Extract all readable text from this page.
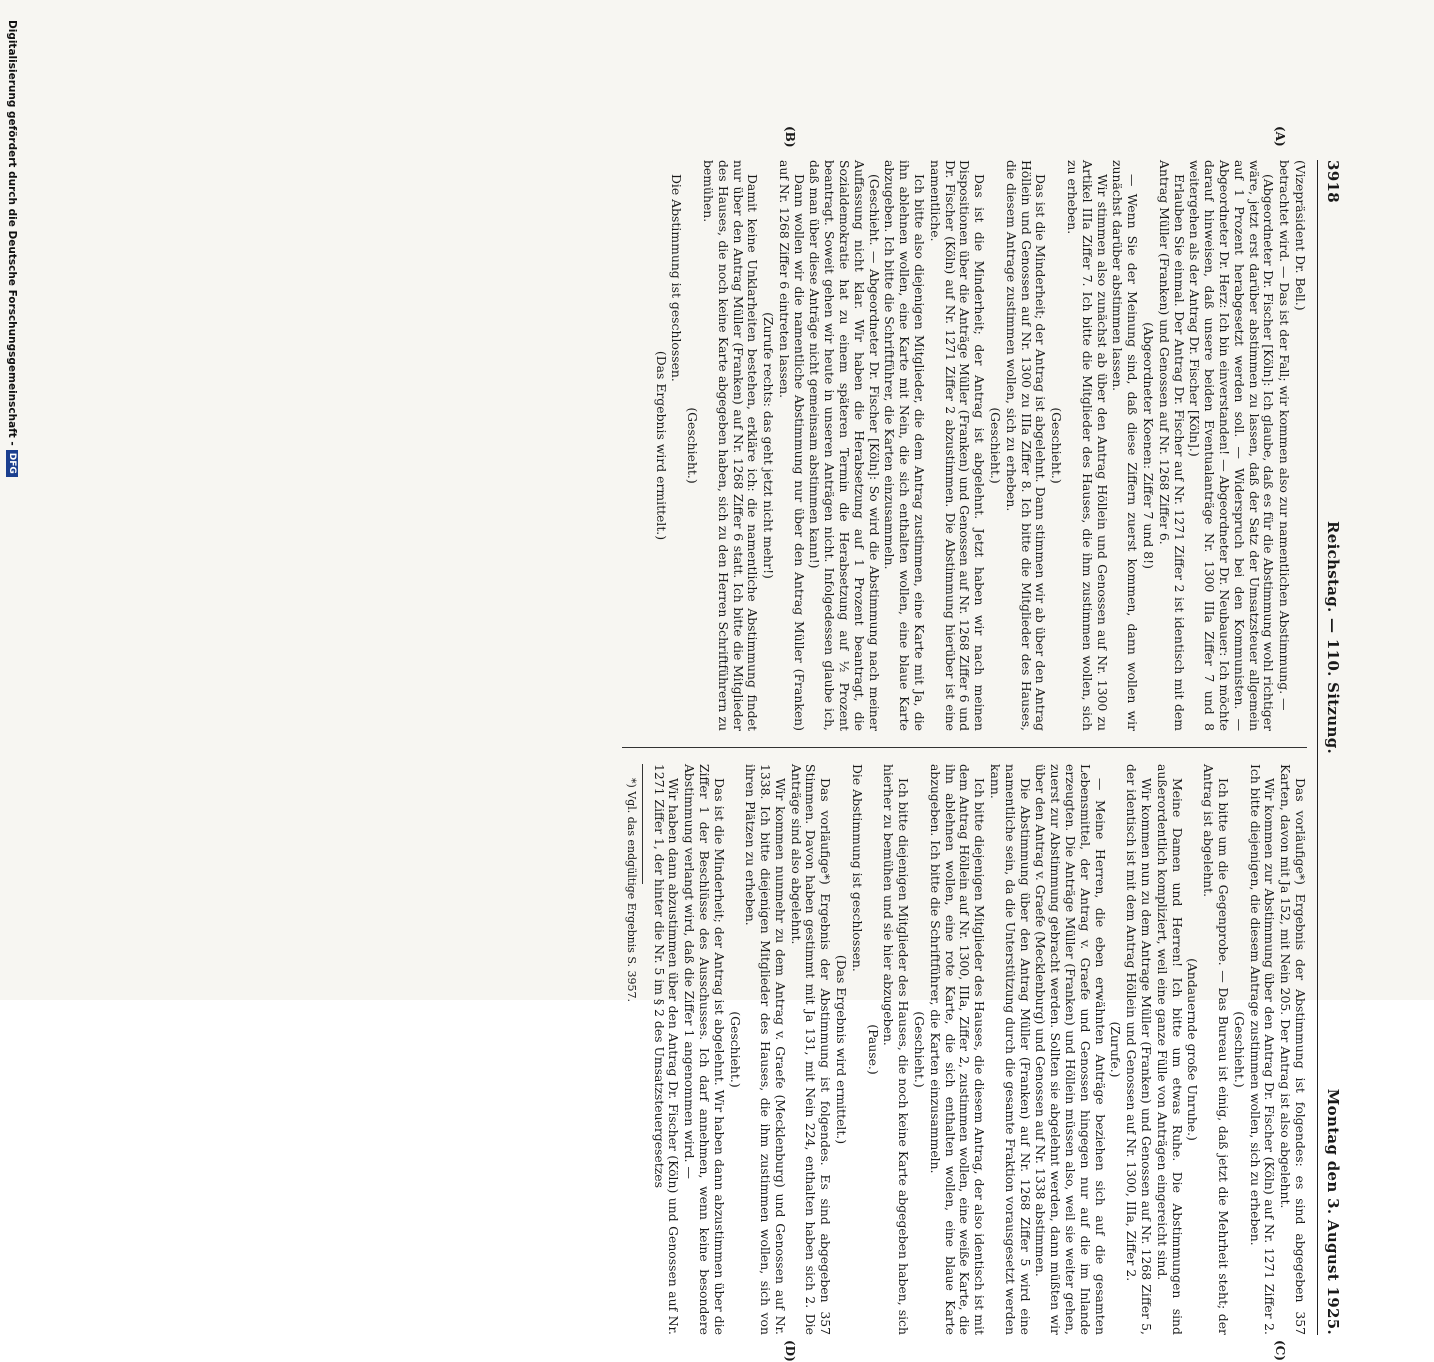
3918
Reichstag. — 110. Sitzung.
Montag den 3. August 1925.
(A)
(B)
(C)
(D)

(Vizepräsident Dr. Bell.)

betrachtet wird. — Das ist der Fall; wir kommen also zur namentlichen Abstimmung. —

(Abgeordneter Dr. Fischer [Köln]: Ich glaube, daß es für die Abstimmung wohl richtiger wäre, jetzt erst darüber abstimmen zu lassen, daß der Satz der Umsatzsteuer allgemein auf 1 Prozent herabgesetzt werden soll. — Widerspruch bei den Kommunisten. — Abgeordneter Dr. Herz: Ich bin einverstanden! — Abgeordneter Dr. Neubauer: Ich möchte darauf hinweisen, daß unsere beiden Eventualanträge Nr. 1300 IIIa Ziffer 7 und 8 weitergehen als der Antrag Dr. Fischer [Köln].)

Erlauben Sie einmal. Der Antrag Dr. Fischer auf Nr. 1271 Ziffer 2 ist identisch mit dem Antrag Müller (Franken) und Genossen auf Nr. 1268 Ziffer 6.

(Abgeordneter Koenen: Ziffer 7 und 8!)

— Wenn Sie der Meinung sind, daß diese Ziffern zuerst kommen, dann wollen wir zunächst darüber abstimmen lassen.

Wir stimmen also zunächst ab über den Antrag Höllein und Genossen auf Nr. 1300 zu Artikel IIIa Ziffer 7. Ich bitte die Mitglieder des Hauses, die ihm zustimmen wollen, sich zu erheben.

(Geschieht.)

Das ist die Minderheit; der Antrag ist abgelehnt. Dann stimmen wir ab über den Antrag Höllein und Genossen auf Nr. 1300 zu IIIa Ziffer 8. Ich bitte die Mitglieder des Hauses, die diesem Antrage zustimmen wollen, sich zu erheben.

(Geschieht.)

Das ist die Minderheit; der Antrag ist abgelehnt. Jetzt haben wir nach meinen Dispositionen über die Anträge Müller (Franken) und Genossen auf Nr. 1268 Ziffer 6 und Dr. Fischer (Köln) auf Nr. 1271 Ziffer 2 abzustimmen. Die Abstimmung hierüber ist eine namentliche.

Ich bitte also diejenigen Mitglieder, die dem Antrag zustimmen, eine Karte mit Ja, die ihn ablehnen wollen, eine Karte mit Nein, die sich enthalten wollen, eine blaue Karte abzugeben. Ich bitte die Schriftführer, die Karten einzusammeln.

(Geschieht. — Abgeordneter Dr. Fischer [Köln]: So wird die Abstimmung nach meiner Auffassung nicht klar. Wir haben die Herabsetzung auf 1 Prozent beantragt, die Sozialdemokratie hat zu einem späteren Termin die Herabsetzung auf ½ Prozent beantragt. Soweit gehen wir heute in unseren Anträgen nicht. Infolgedessen glaube ich, daß man über diese Anträge nicht gemeinsam abstimmen kann!)

Dann wollen wir die namentliche Abstimmung nur über den Antrag Müller (Franken) auf Nr. 1268 Ziffer 6 eintreten lassen.

(Zurufe rechts: das geht jetzt nicht mehr!)

Damit keine Unklarheiten bestehen, erkläre ich: die namentliche Abstimmung findet nur über den Antrag Müller (Franken) auf Nr. 1268 Ziffer 6 statt. Ich bitte die Mitglieder des Hauses, die noch keine Karte abgegeben haben, sich zu den Herren Schriftführern zu bemühen.

(Geschieht.)

Die Abstimmung ist geschlossen.

(Das Ergebnis wird ermittelt.)

Das vorläufige*) Ergebnis der Abstimmung ist folgendes: es sind abgegeben 357 Karten, davon mit Ja 152, mit Nein 205. Der Antrag ist also abgelehnt.

Wir kommen zur Abstimmung über den Antrag Dr. Fischer (Köln) auf Nr. 1271 Ziffer 2. Ich bitte diejenigen, die diesem Antrage zustimmen wollen, sich zu erheben.

(Geschieht.)

Ich bitte um die Gegenprobe. — Das Bureau ist einig, daß jetzt die Mehrheit steht; der Antrag ist abgelehnt.

(Andauernde große Unruhe.)

Meine Damen und Herren! Ich bitte um etwas Ruhe. Die Abstimmungen sind außerordentlich kompliziert, weil eine ganze Fülle von Anträgen eingereicht sind.

Wir kommen nun zu dem Antrage Müller (Franken) und Genossen auf Nr. 1268 Ziffer 5, der identisch ist mit dem Antrag Höllein und Genossen auf Nr. 1300, IIIa, Ziffer 2.

(Zurufe.)

— Meine Herren, die eben erwähnten Anträge beziehen sich auf die gesamten Lebensmittel, der Antrag v. Graefe und Genossen hingegen nur auf die im Inlande erzeugten. Die Anträge Müller (Franken) und Höllein müssen also, weil sie weiter gehen, zuerst zur Abstimmung gebracht werden. Sollten sie abgelehnt werden, dann müßten wir über den Antrag v. Graefe (Mecklenburg) und Genossen auf Nr. 1338 abstimmen.

Die Abstimmung über den Antrag Müller (Franken) auf Nr. 1268 Ziffer 5 wird eine namentliche sein, da die Unterstützung durch die gesamte Fraktion vorausgesetzt werden kann.

Ich bitte diejenigen Mitglieder des Hauses, die diesem Antrag, der also identisch ist mit dem Antrag Höllein auf Nr. 1300, IIIa, Ziffer 2, zustimmen wollen, eine weiße Karte, die ihn ablehnen wollen, eine rote Karte, die sich enthalten wollen, eine blaue Karte abzugeben. Ich bitte die Schriftführer, die Karten einzusammeln.

(Geschieht.)

Ich bitte diejenigen Mitglieder des Hauses, die noch keine Karte abgegeben haben, sich hierher zu bemühen und sie hier abzugeben.

(Pause.)

Die Abstimmung ist geschlossen.

(Das Ergebnis wird ermittelt.)

Das vorläufige*) Ergebnis der Abstimmung ist folgendes. Es sind abgegeben 357 Stimmen. Davon haben gestimmt mit Ja 131, mit Nein 224, enthalten haben sich 2. Die Anträge sind also abgelehnt.

Wir kommen nunmehr zu dem Antrag v. Graefe (Mecklenburg) und Genossen auf Nr. 1338. Ich bitte diejenigen Mitglieder des Hauses, die ihm zustimmen wollen, sich von ihren Plätzen zu erheben.

(Geschieht.)

Das ist die Minderheit; der Antrag ist abgelehnt. Wir haben dann abzustimmen über die Ziffer 1 der Beschlüsse des Ausschusses. Ich darf annehmen, wenn keine besondere Abstimmung verlangt wird, daß die Ziffer 1 angenommen wird. —

Wir haben dann abzustimmen über den Antrag Dr. Fischer (Köln) und Genossen auf Nr. 1271 Ziffer 1, der hinter die Nr. 5 im § 2 des Umsatzsteuergesetzes

*) Vgl. das endgültige Ergebnis S. 3957.

Digitalisierung gefördert durch die Deutsche Forschungsgemeinschaft -
DFG
